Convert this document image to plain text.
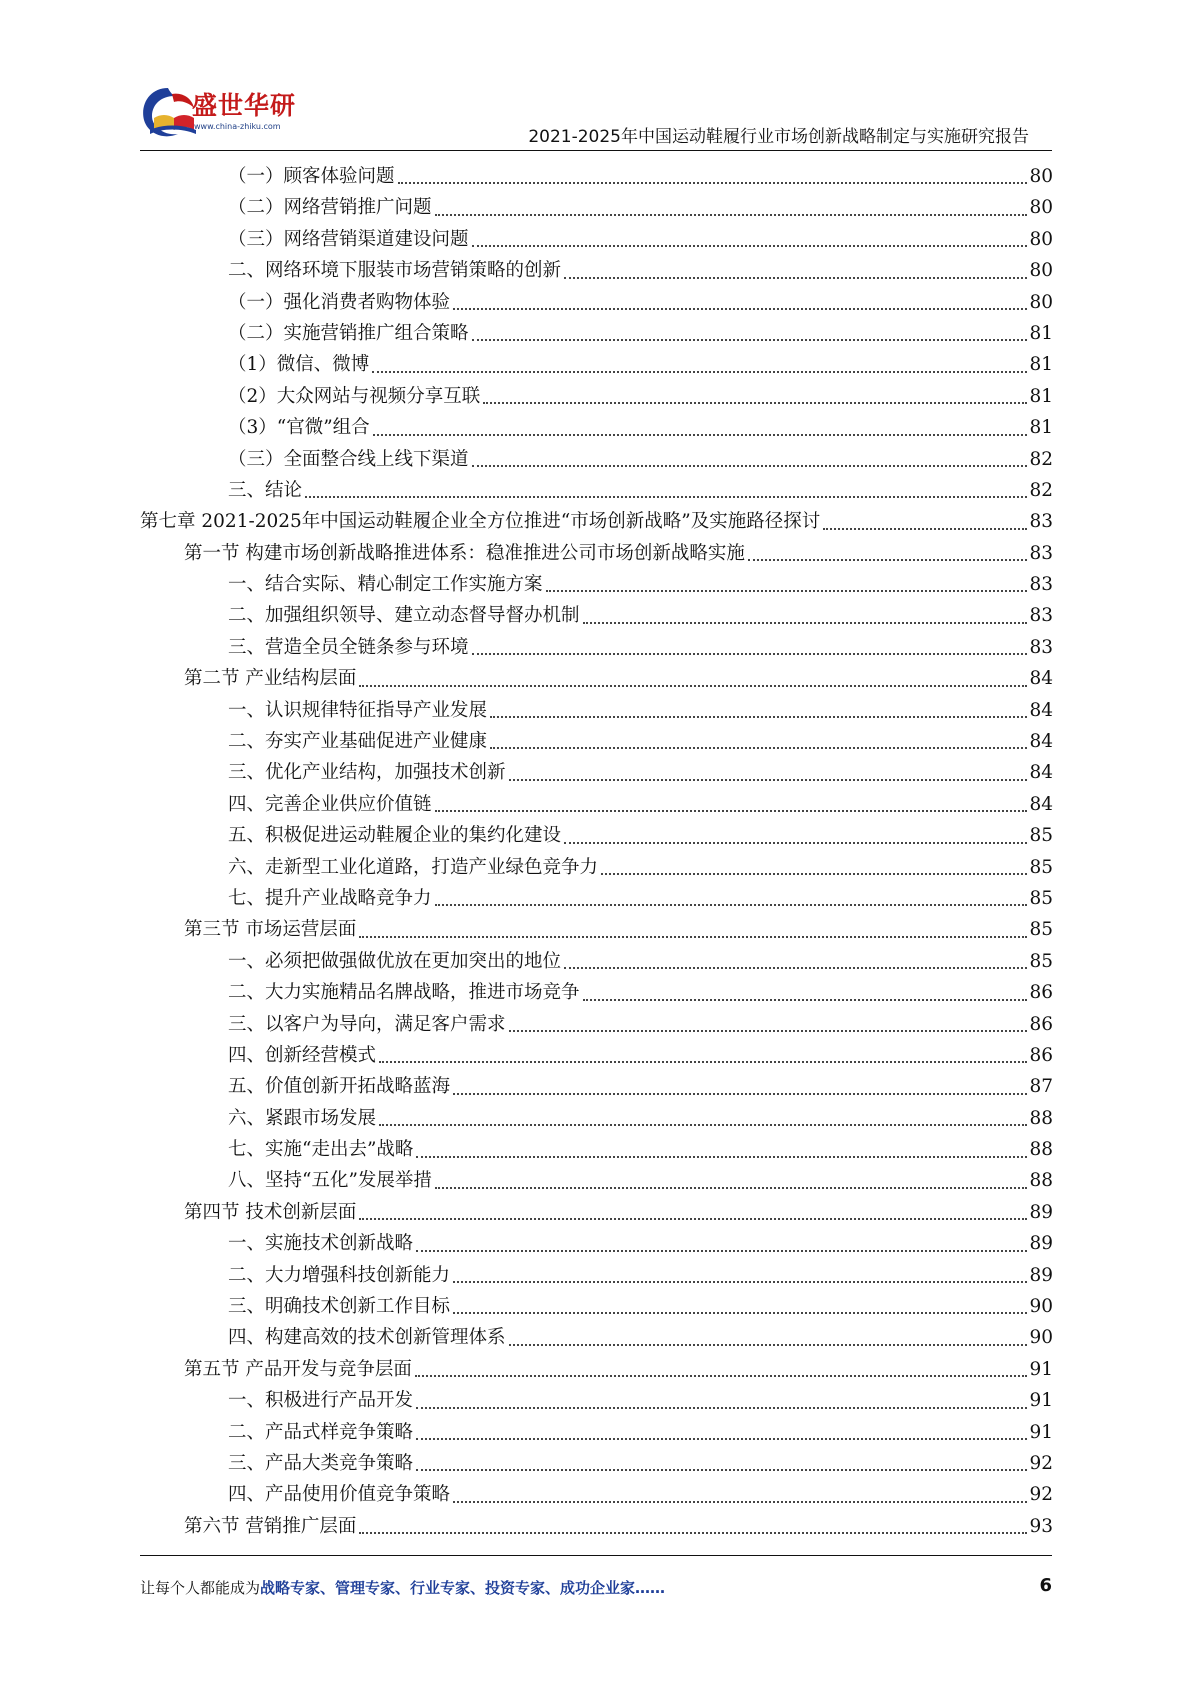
盛世华研
www.china-zhiku.com
2021-2025年中国运动鞋履行业市场创新战略制定与实施研究报告
（一）顾客体验问题	80
（二）网络营销推广问题	80
（三）网络营销渠道建设问题	80
二、网络环境下服装市场营销策略的创新	80
（一）强化消费者购物体验	80
（二）实施营销推广组合策略	81
（1）微信、微博	81
（2）大众网站与视频分享互联	81
（3）“官微”组合	81
（三）全面整合线上线下渠道	82
三、结论	82
第七章 2021-2025年中国运动鞋履企业全方位推进“市场创新战略”及实施路径探讨	83
第一节 构建市场创新战略推进体系：稳准推进公司市场创新战略实施	83
一、结合实际、精心制定工作实施方案	83
二、加强组织领导、建立动态督导督办机制	83
三、营造全员全链条参与环境	83
第二节 产业结构层面	84
一、认识规律特征指导产业发展	84
二、夯实产业基础促进产业健康	84
三、优化产业结构，加强技术创新	84
四、完善企业供应价值链	84
五、积极促进运动鞋履企业的集约化建设	85
六、走新型工业化道路，打造产业绿色竞争力	85
七、提升产业战略竞争力	85
第三节 市场运营层面	85
一、必须把做强做优放在更加突出的地位	85
二、大力实施精品名牌战略，推进市场竞争	86
三、以客户为导向，满足客户需求	86
四、创新经营模式	86
五、价值创新开拓战略蓝海	87
六、紧跟市场发展	88
七、实施“走出去”战略	88
八、坚持“五化”发展举措	88
第四节 技术创新层面	89
一、实施技术创新战略	89
二、大力增强科技创新能力	89
三、明确技术创新工作目标	90
四、构建高效的技术创新管理体系	90
第五节 产品开发与竞争层面	91
一、积极进行产品开发	91
二、产品式样竞争策略	91
三、产品大类竞争策略	92
四、产品使用价值竞争策略	92
第六节 营销推广层面	93
让每个人都能成为战略专家、管理专家、行业专家、投资专家、成功企业家……	6
